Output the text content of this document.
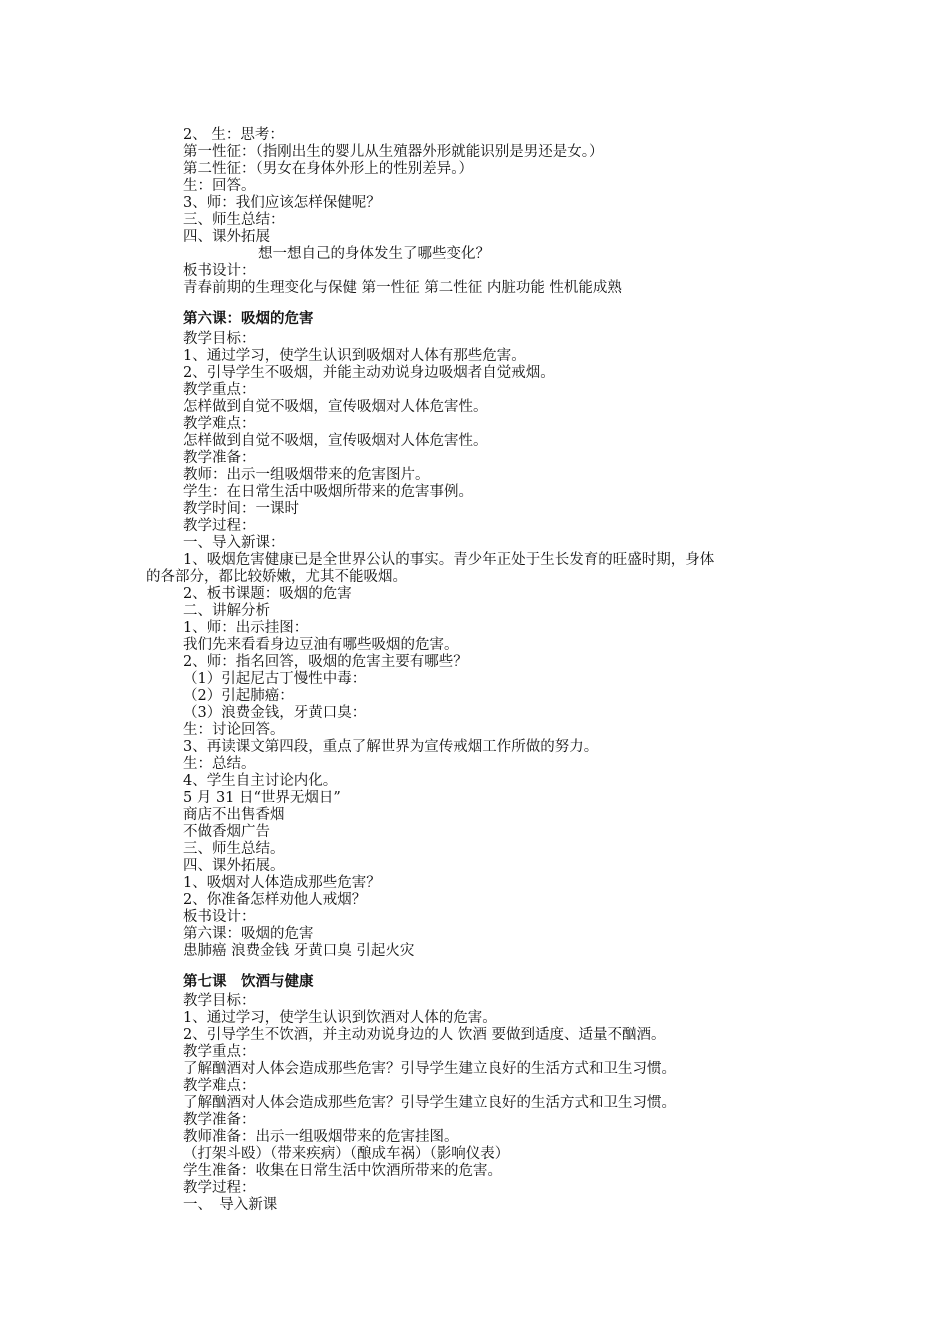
2、 生：思考：
第一性征：（指刚出生的婴儿从生殖器外形就能识别是男还是女。）
第二性征：（男女在身体外形上的性别差异。）
生：回答。
3、师：我们应该怎样保健呢？
三、师生总结：
四、课外拓展
想一想自己的身体发生了哪些变化？
板书设计：
青春前期的生理变化与保健 第一性征 第二性征 内脏功能 性机能成熟
第六课：吸烟的危害
教学目标：
1、通过学习，使学生认识到吸烟对人体有那些危害。
2、引导学生不吸烟，并能主动劝说身边吸烟者自觉戒烟。
教学重点：
怎样做到自觉不吸烟，宣传吸烟对人体危害性。
教学难点：
怎样做到自觉不吸烟，宣传吸烟对人体危害性。
教学准备：
教师：出示一组吸烟带来的危害图片。
学生：在日常生活中吸烟所带来的危害事例。
教学时间：一课时
教学过程：
一、导入新课：
1、吸烟危害健康已是全世界公认的事实。青少年正处于生长发育的旺盛时期，身体
的各部分，都比较娇嫩，尤其不能吸烟。
2、板书课题：吸烟的危害
二、讲解分析
1、师：出示挂图：
我们先来看看身边豆油有哪些吸烟的危害。
2、师：指名回答，吸烟的危害主要有哪些？
（1）引起尼古丁慢性中毒：
（2）引起肺癌：
（3）浪费金钱，牙黄口臭：
生：讨论回答。
3、再读课文第四段，重点了解世界为宣传戒烟工作所做的努力。
生：总结。
4、学生自主讨论内化。
5 月 31 日“世界无烟日”
商店不出售香烟
不做香烟广告
三、师生总结。
四、课外拓展。
1、吸烟对人体造成那些危害？
2、你准备怎样劝他人戒烟？
板书设计：
第六课：吸烟的危害
患肺癌 浪费金钱 牙黄口臭 引起火灾
第七课　饮酒与健康
教学目标：
1、通过学习，使学生认识到饮酒对人体的危害。
2、引导学生不饮酒，并主动劝说身边的人 饮酒 要做到适度、适量不酗酒。
教学重点：
了解酗酒对人体会造成那些危害？引导学生建立良好的生活方式和卫生习惯。
教学难点：
了解酗酒对人体会造成那些危害？引导学生建立良好的生活方式和卫生习惯。
教学准备：
教师准备：出示一组吸烟带来的危害挂图。
（打架斗殴）（带来疾病）（酿成车祸）（影响仪表）
学生准备：收集在日常生活中饮酒所带来的危害。
教学过程：
一、　导入新课
